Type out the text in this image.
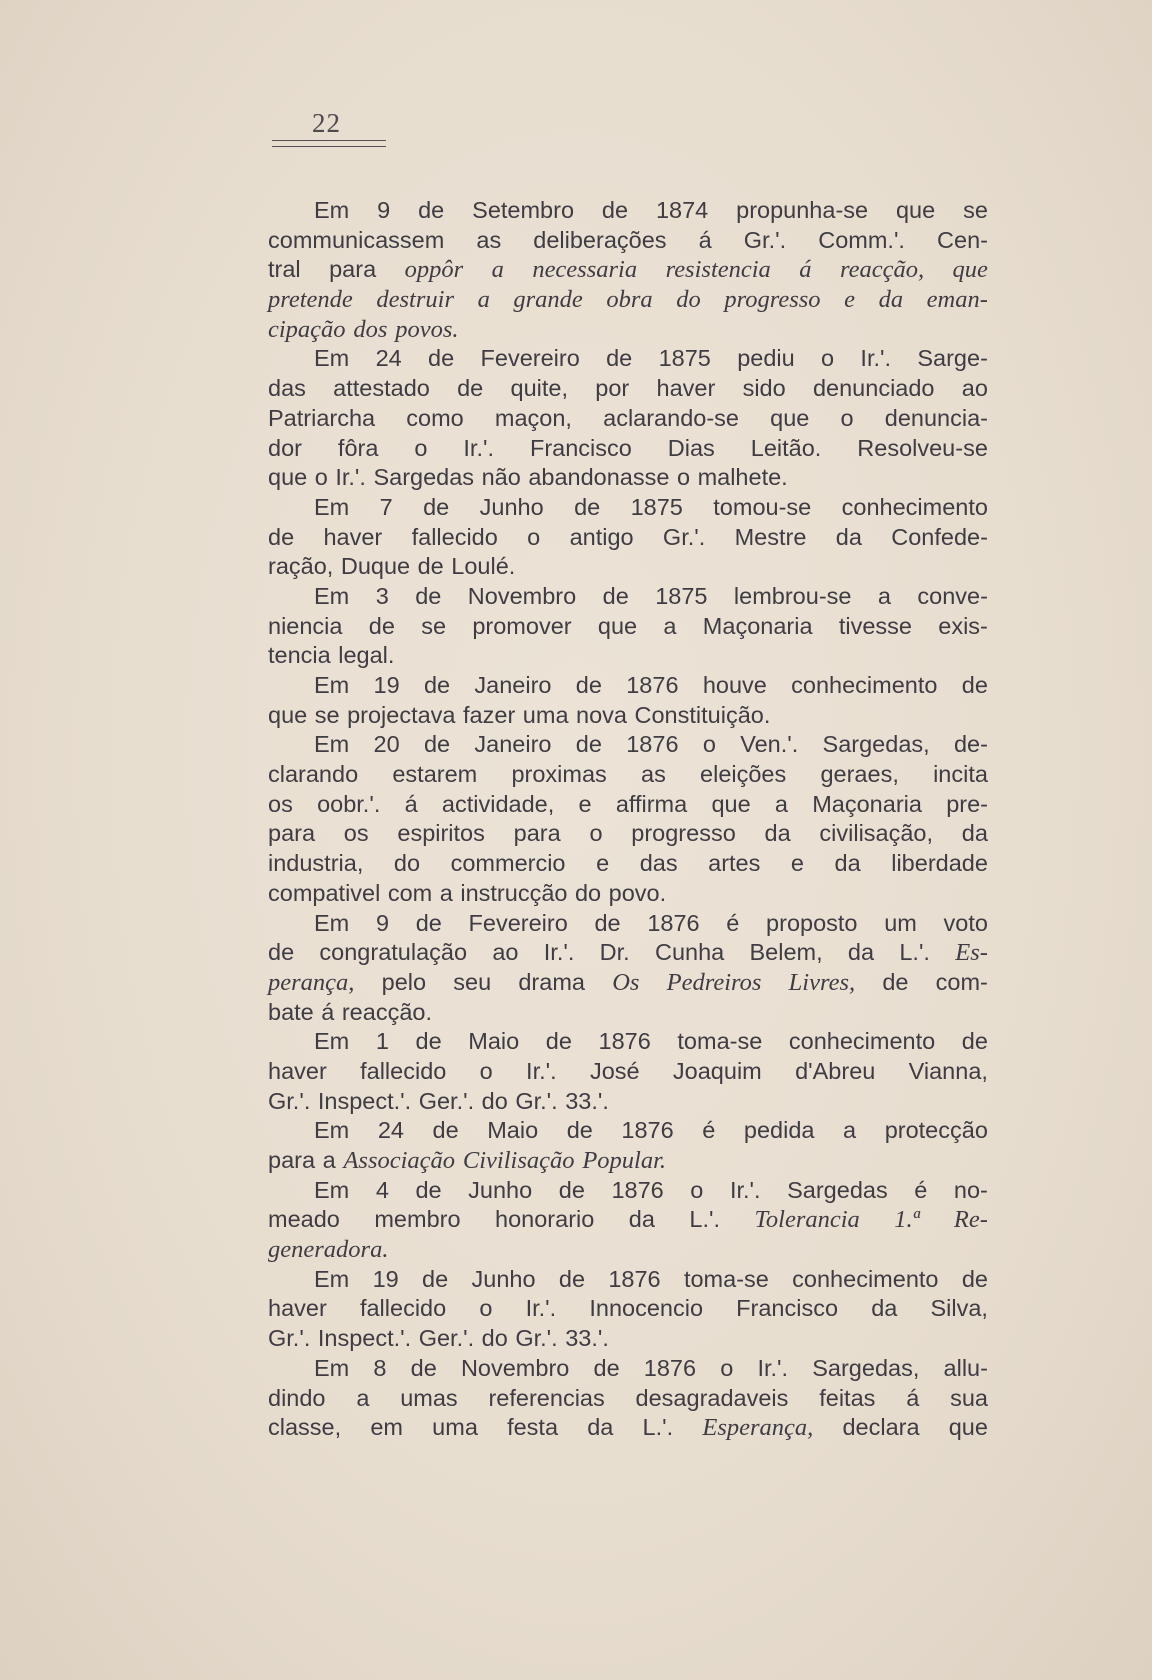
22
Em 9 de Setembro de 1874 propunha-se que se
communicassem as deliberações á Gr.'. Comm.'. Cen-
tral para oppôr a necessaria resistencia á reacção, que
pretende destruir a grande obra do progresso e da eman-
cipação dos povos.
Em 24 de Fevereiro de 1875 pediu o Ir.'. Sarge-
das attestado de quite, por haver sido denunciado ao
Patriarcha como maçon, aclarando-se que o denuncia-
dor fôra o Ir.'. Francisco Dias Leitão. Resolveu-se
que o Ir.'. Sargedas não abandonasse o malhete.
Em 7 de Junho de 1875 tomou-se conhecimento
de haver fallecido o antigo Gr.'. Mestre da Confede-
ração, Duque de Loulé.
Em 3 de Novembro de 1875 lembrou-se a conve-
niencia de se promover que a Maçonaria tivesse exis-
tencia legal.
Em 19 de Janeiro de 1876 houve conhecimento de
que se projectava fazer uma nova Constituição.
Em 20 de Janeiro de 1876 o Ven.'. Sargedas, de-
clarando estarem proximas as eleições geraes, incita
os oobr.'. á actividade, e affirma que a Maçonaria pre-
para os espiritos para o progresso da civilisação, da
industria, do commercio e das artes e da liberdade
compativel com a instrucção do povo.
Em 9 de Fevereiro de 1876 é proposto um voto
de congratulação ao Ir.'. Dr. Cunha Belem, da L.'. Es-
perança, pelo seu drama Os Pedreiros Livres, de com-
bate á reacção.
Em 1 de Maio de 1876 toma-se conhecimento de
haver fallecido o Ir.'. José Joaquim d'Abreu Vianna,
Gr.'. Inspect.'. Ger.'. do Gr.'. 33.'.
Em 24 de Maio de 1876 é pedida a protecção
para a Associação Civilisação Popular.
Em 4 de Junho de 1876 o Ir.'. Sargedas é no-
meado membro honorario da L.'. Tolerancia 1.ª Re-
generadora.
Em 19 de Junho de 1876 toma-se conhecimento de
haver fallecido o Ir.'. Innocencio Francisco da Silva,
Gr.'. Inspect.'. Ger.'. do Gr.'. 33.'.
Em 8 de Novembro de 1876 o Ir.'. Sargedas, allu-
dindo a umas referencias desagradaveis feitas á sua
classe, em uma festa da L.'. Esperança, declara que
